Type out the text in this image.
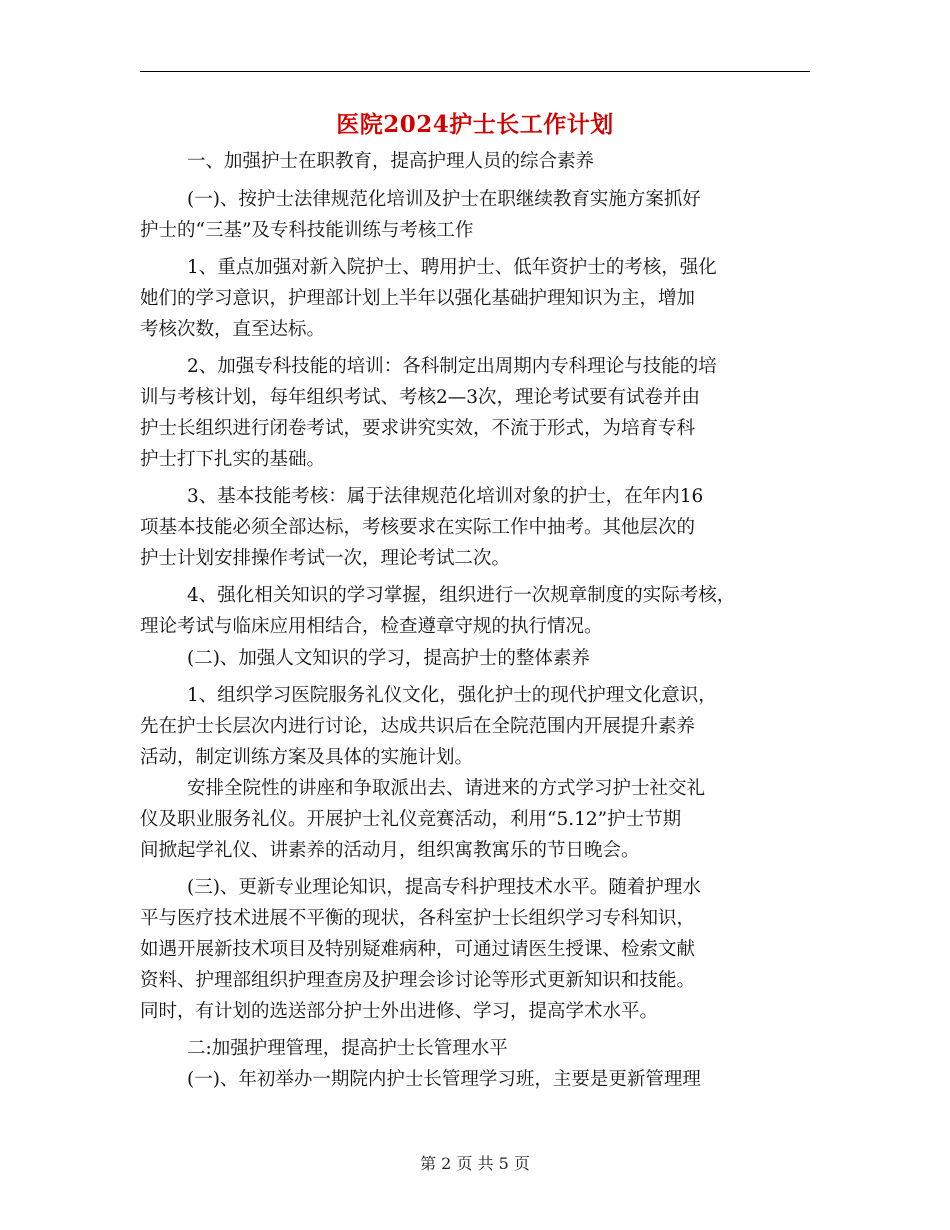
医院2024护士长工作计划
一、加强护士在职教育，提高护理人员的综合素养
(一)、按护士法律规范化培训及护士在职继续教育实施方案抓好
护士的“三基”及专科技能训练与考核工作
1、重点加强对新入院护士、聘用护士、低年资护士的考核，强化
她们的学习意识，护理部计划上半年以强化基础护理知识为主，增加
考核次数，直至达标。
2、加强专科技能的培训：各科制定出周期内专科理论与技能的培
训与考核计划，每年组织考试、考核2—3次，理论考试要有试卷并由
护士长组织进行闭卷考试，要求讲究实效，不流于形式，为培育专科
护士打下扎实的基础。
3、基本技能考核：属于法律规范化培训对象的护士，在年内16
项基本技能必须全部达标，考核要求在实际工作中抽考。其他层次的
护士计划安排操作考试一次，理论考试二次。
4、强化相关知识的学习掌握，组织进行一次规章制度的实际考核，
理论考试与临床应用相结合，检查遵章守规的执行情况。
(二)、加强人文知识的学习，提高护士的整体素养
1、组织学习医院服务礼仪文化，强化护士的现代护理文化意识，
先在护士长层次内进行讨论，达成共识后在全院范围内开展提升素养
活动，制定训练方案及具体的实施计划。
安排全院性的讲座和争取派出去、请进来的方式学习护士社交礼
仪及职业服务礼仪。开展护士礼仪竞赛活动，利用“5.12”护士节期
间掀起学礼仪、讲素养的活动月，组织寓教寓乐的节日晚会。
(三)、更新专业理论知识，提高专科护理技术水平。随着护理水
平与医疗技术进展不平衡的现状，各科室护士长组织学习专科知识，
如遇开展新技术项目及特别疑难病种，可通过请医生授课、检索文献
资料、护理部组织护理查房及护理会诊讨论等形式更新知识和技能。
同时，有计划的选送部分护士外出进修、学习，提高学术水平。
二:加强护理管理，提高护士长管理水平
(一)、年初举办一期院内护士长管理学习班，主要是更新管理理
第 2 页 共 5 页
